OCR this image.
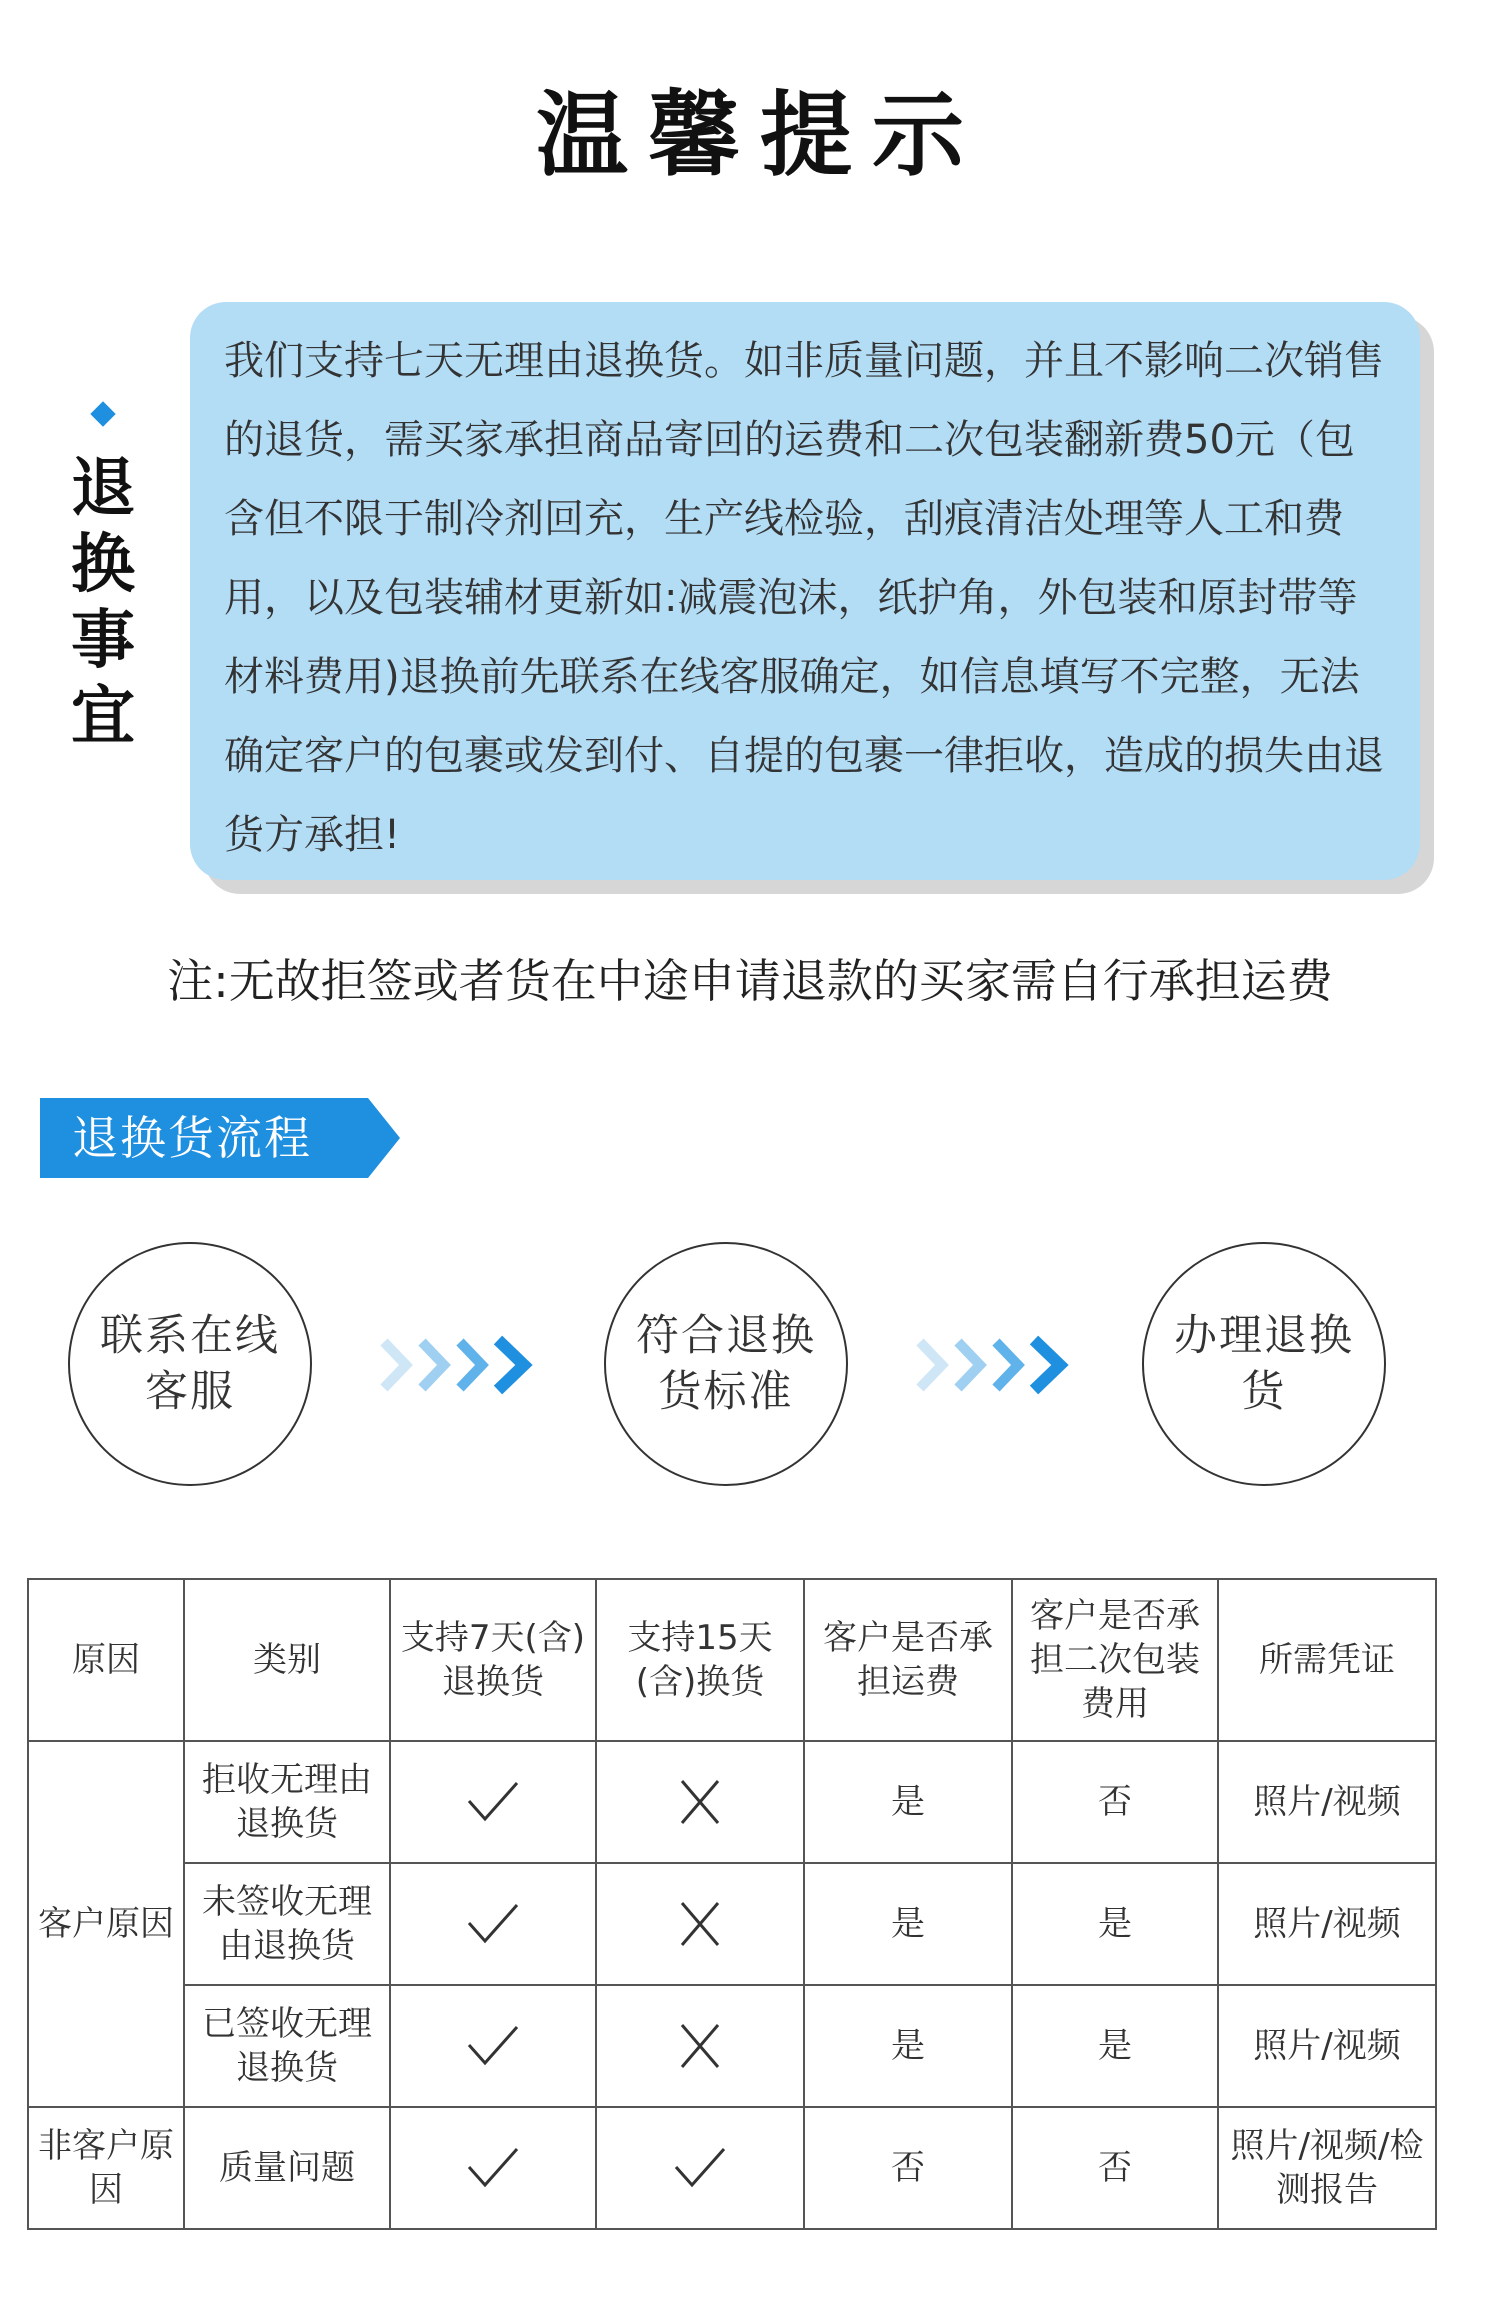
温馨提示
退换事宜
我们支持七天无理由退换货。如非质量问题，并且不影响二次销售的退货，需买家承担商品寄回的运费和二次包装翻新费50元（包含但不限于制冷剂回充，生产线检验，刮痕清洁处理等人工和费用，以及包装辅材更新如:减震泡沫，纸护角，外包装和原封带等材料费用)退换前先联系在线客服确定，如信息填写不完整，无法确定客户的包裹或发到付、自提的包裹一律拒收，造成的损失由退货方承担!
注:无故拒签或者货在中途申请退款的买家需自行承担运费
退换货流程
联系在线客服
符合退换货标准
办理退换货
原因	类别	支持7天(含)退换货	支持15天(含)换货	客户是否承担运费	客户是否承担二次包装费用	所需凭证
客户原因	拒收无理由退换货			是	否	照片/视频
	未签收无理由退换货			是	是	照片/视频
	已签收无理退换货			是	是	照片/视频
非客户原因	质量问题			否	否	照片/视频/检测报告
